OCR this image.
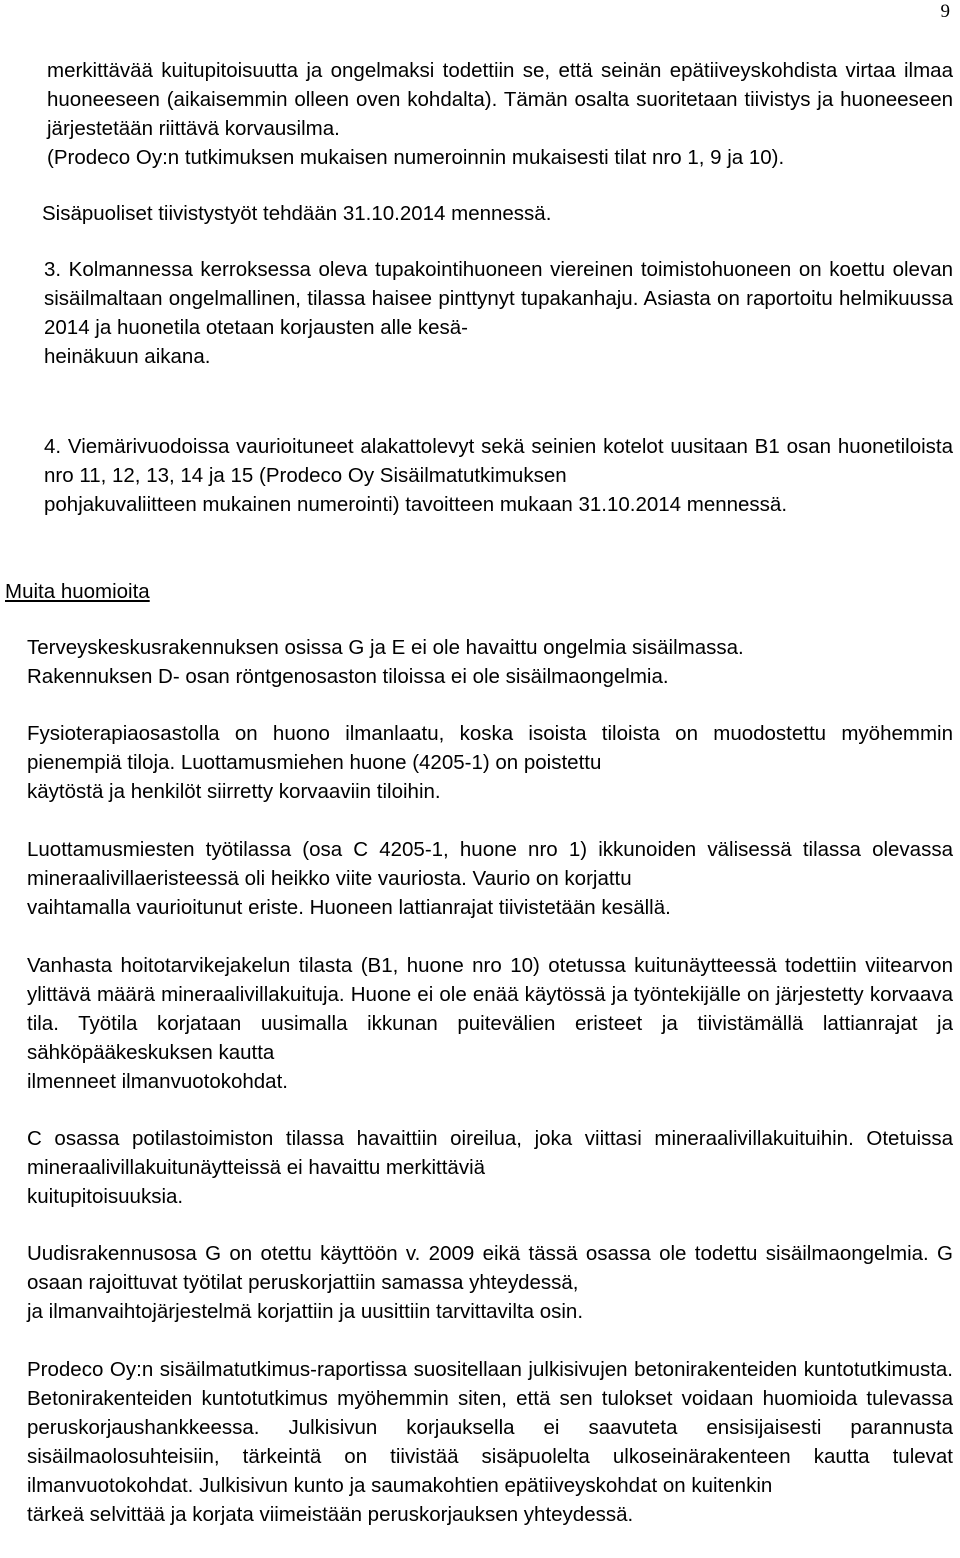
9
merkittävää kuitupitoisuutta ja ongelmaksi todettiin se, että seinän epätiiveyskohdista virtaa ilmaa huoneeseen (aikaisemmin olleen oven kohdalta). Tämän osalta suoritetaan tiivistys ja huoneeseen järjestetään riittävä korvausilma.
(Prodeco Oy:n tutkimuksen mukaisen numeroinnin mukaisesti tilat nro 1, 9 ja 10).
Sisäpuoliset tiivistystyöt tehdään 31.10.2014 mennessä.
3. Kolmannessa kerroksessa oleva tupakointihuoneen viereinen toimistohuoneen on koettu olevan sisäilmaltaan ongelmallinen, tilassa haisee pinttynyt tupakanhaju. Asiasta on raportoitu helmikuussa 2014 ja huonetila otetaan korjausten alle kesä-
heinäkuun aikana.
4. Viemärivuodoissa vaurioituneet alakattolevyt sekä seinien kotelot uusitaan B1 osan huonetiloista nro 11, 12, 13, 14 ja 15 (Prodeco Oy Sisäilmatutkimuksen
pohjakuvaliitteen mukainen numerointi) tavoitteen mukaan 31.10.2014 mennessä.
Muita huomioita
Terveyskeskusrakennuksen osissa G ja E ei ole havaittu ongelmia sisäilmassa.
Rakennuksen D- osan röntgenosaston tiloissa ei ole sisäilmaongelmia.
Fysioterapiaosastolla on huono ilmanlaatu, koska isoista tiloista on muodostettu myöhemmin pienempiä tiloja. Luottamusmiehen huone (4205-1) on poistettu
käytöstä ja henkilöt siirretty korvaaviin tiloihin.
Luottamusmiesten työtilassa (osa C 4205-1, huone nro 1) ikkunoiden välisessä tilassa olevassa mineraalivillaeristeessä oli heikko viite vauriosta. Vaurio on korjattu
vaihtamalla vaurioitunut eriste. Huoneen lattianrajat tiivistetään kesällä.
Vanhasta hoitotarvikejakelun tilasta (B1, huone nro 10) otetussa kuitunäytteessä todettiin viitearvon ylittävä määrä mineraalivillakuituja. Huone ei ole enää käytössä ja työntekijälle on järjestetty korvaava tila. Työtila korjataan uusimalla ikkunan puitevälien eristeet ja tiivistämällä lattianrajat ja sähköpääkeskuksen kautta
ilmenneet ilmanvuotokohdat.
C osassa potilastoimiston tilassa havaittiin oireilua, joka viittasi mineraalivillakuituihin. Otetuissa mineraalivillakuitunäytteissä ei havaittu merkittäviä
kuitupitoisuuksia.
Uudisrakennusosa G on otettu käyttöön v. 2009 eikä tässä osassa ole todettu sisäilmaongelmia. G osaan rajoittuvat työtilat peruskorjattiin samassa yhteydessä,
ja ilmanvaihtojärjestelmä korjattiin ja uusittiin tarvittavilta osin.
Prodeco Oy:n sisäilmatutkimus-raportissa suositellaan julkisivujen betonirakenteiden kuntotutkimusta. Betonirakenteiden kuntotutkimus myöhemmin siten, että sen tulokset voidaan huomioida tulevassa peruskorjaushankkeessa. Julkisivun korjauksella ei saavuteta ensisijaisesti parannusta sisäilmaolosuhteisiin, tärkeintä on tiivistää sisäpuolelta ulkoseinärakenteen kautta tulevat ilmanvuotokohdat. Julkisivun kunto ja saumakohtien epätiiveyskohdat on kuitenkin
tärkeä selvittää ja korjata viimeistään peruskorjauksen yhteydessä.
